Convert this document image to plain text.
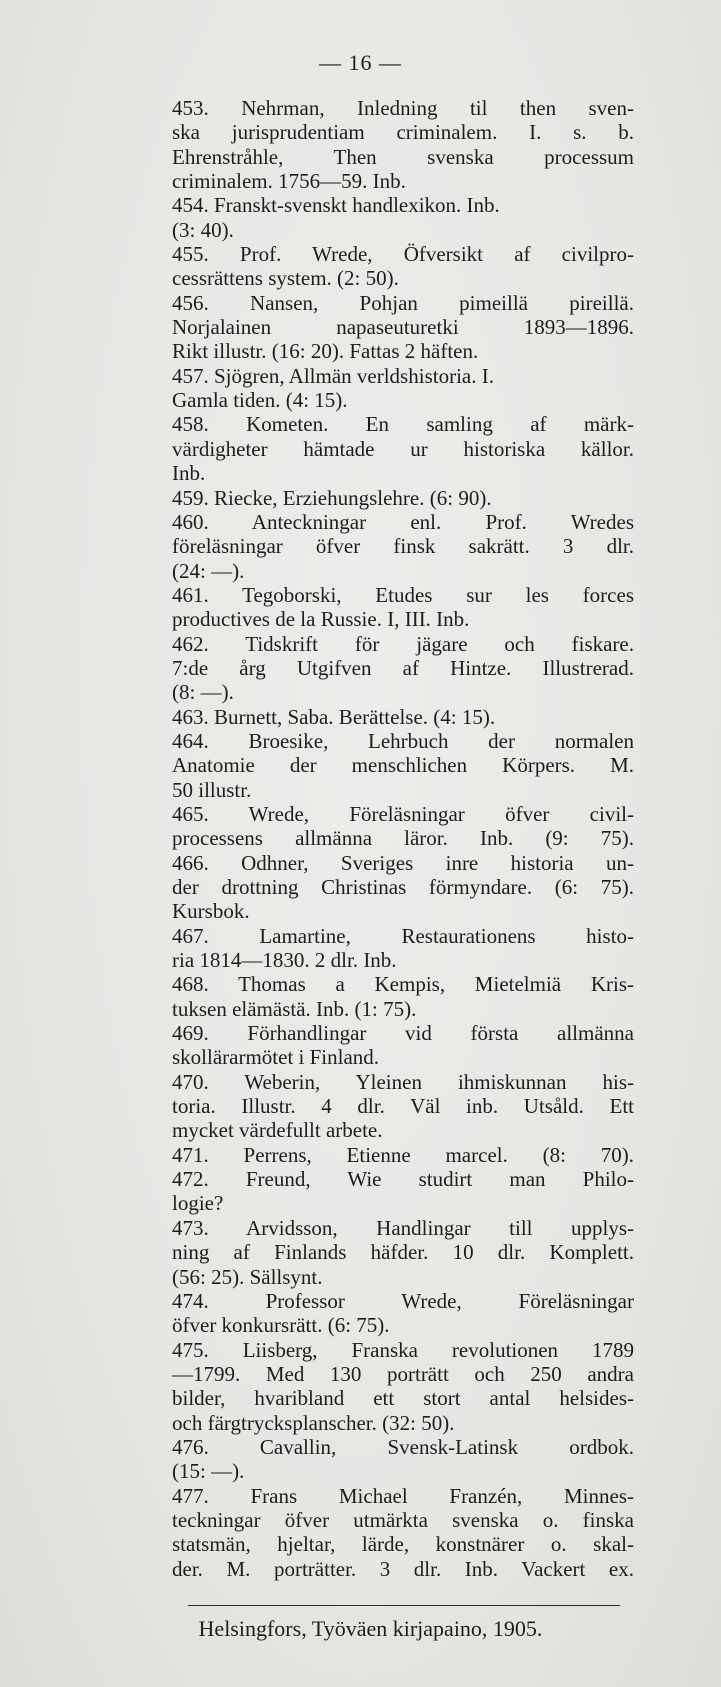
— 16 —
453. Nehrman, Inledning til then sven-
ska jurisprudentiam criminalem. I. s. b.
Ehrenstråhle, Then svenska processum
criminalem. 1756—59. Inb.
454. Franskt-svenskt handlexikon. Inb.
(3: 40).
455. Prof. Wrede, Öfversikt af civilpro-
cessrättens system. (2: 50).
456. Nansen, Pohjan pimeillä pireillä.
Norjalainen napaseuturetki 1893—1896.
Rikt illustr. (16: 20). Fattas 2 häften.
457. Sjögren, Allmän verldshistoria. I.
Gamla tiden. (4: 15).
458. Kometen. En samling af märk-
värdigheter hämtade ur historiska källor.
Inb.
459. Riecke, Erziehungslehre. (6: 90).
460. Anteckningar enl. Prof. Wredes
föreläsningar öfver finsk sakrätt. 3 dlr.
(24: —).
461. Tegoborski, Etudes sur les forces
productives de la Russie. I, III. Inb.
462. Tidskrift för jägare och fiskare.
7:de årg Utgifven af Hintze. Illustrerad.
(8: —).
463. Burnett, Saba. Berättelse. (4: 15).
464. Broesike, Lehrbuch der normalen
Anatomie der menschlichen Körpers. M.
50 illustr.
465. Wrede, Föreläsningar öfver civil-
processens allmänna läror. Inb. (9: 75).
466. Odhner, Sveriges inre historia un-
der drottning Christinas förmyndare. (6: 75).
Kursbok.
467. Lamartine, Restaurationens histo-
ria 1814—1830. 2 dlr. Inb.
468. Thomas a Kempis, Mietelmiä Kris-
tuksen elämästä. Inb. (1: 75).
469. Förhandlingar vid första allmänna
skollärarmötet i Finland.
470. Weberin, Yleinen ihmiskunnan his-
toria. Illustr. 4 dlr. Väl inb. Utsåld. Ett
mycket värdefullt arbete.
471. Perrens, Etienne marcel. (8: 70).
472. Freund, Wie studirt man Philo-
logie?
473. Arvidsson, Handlingar till upplys-
ning af Finlands häfder. 10 dlr. Komplett.
(56: 25). Sällsynt.
474. Professor Wrede, Föreläsningar
öfver konkursrätt. (6: 75).
475. Liisberg, Franska revolutionen 1789
—1799. Med 130 porträtt och 250 andra
bilder, hvaribland ett stort antal helsides-
och färgtrycksplanscher. (32: 50).
476. Cavallin, Svensk-Latinsk ordbok.
(15: —).
477. Frans Michael Franzén, Minnes-
teckningar öfver utmärkta svenska o. finska
statsmän, hjeltar, lärde, konstnärer o. skal-
der. M. porträtter. 3 dlr. Inb. Vackert ex.
Helsingfors, Työväen kirjapaino, 1905.
